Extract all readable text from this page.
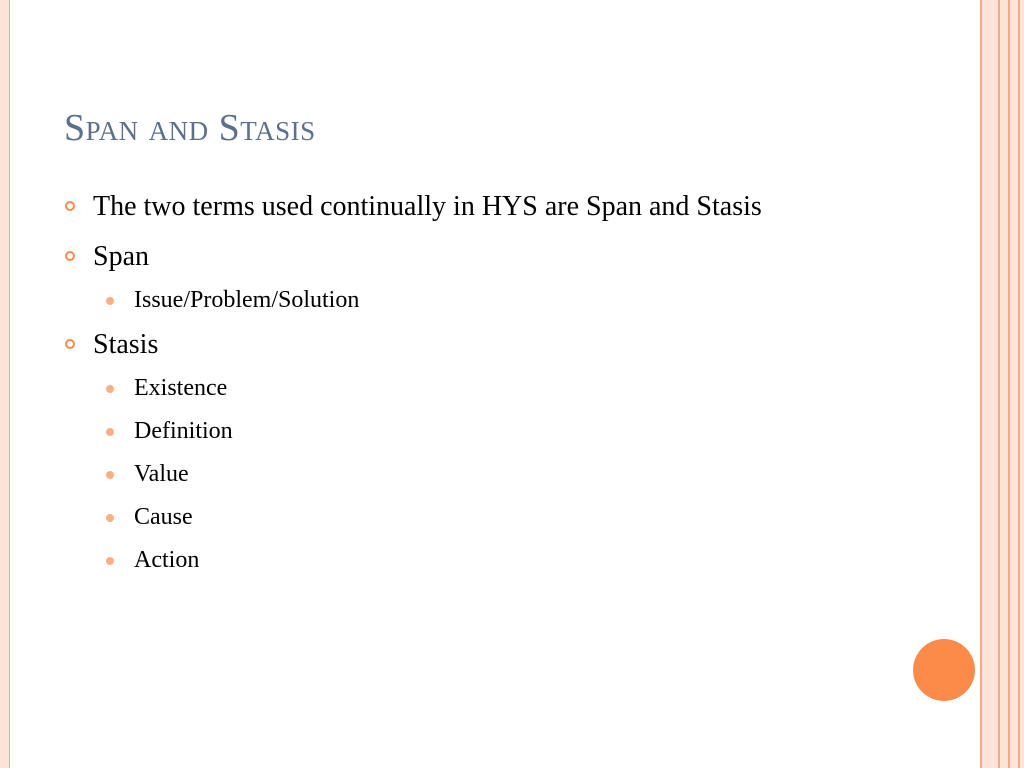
Span and Stasis
The two terms used continually in HYS are Span and Stasis
Span
Issue/Problem/Solution
Stasis
Existence
Definition
Value
Cause
Action
